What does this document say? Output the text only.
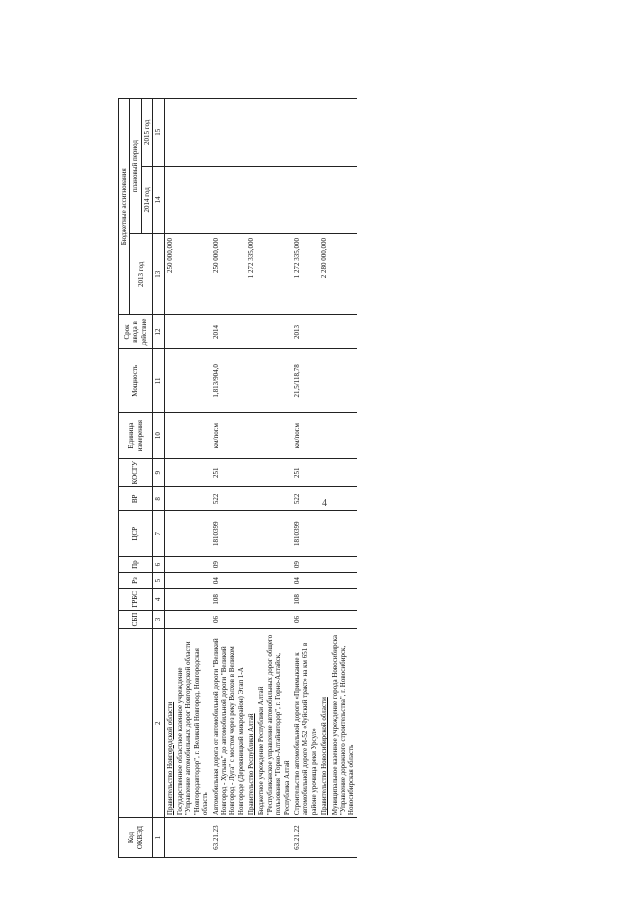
Код ОКВЭД		СБП	ГРБС	Рз	Пр	ЦСР	ВР	КОСГУ	Единица измерения	Мощность	Срок ввода в действие	Бюджетные ассигнования		
												2013 год	плановый период	
													2014 год	2015 год
1	2	3	4	5	6	7	8	9	10	11	12	13	14	15
	Правительство Новгородской области											250 000,000		
	Государственное областное казенное учреждение "Управление автомобильных дорог Новгородской области "Новгородавтодор", г. Великий Новгород, Новгородская область													
63.21.23	Автомобильная дорога от автомобильной дороги "Великий Новгород - Хутынь" до автомобильной дороги "Великий Новгород - Луга" с мостом через реку Волхов в Великом Новгороде (Деревяницкий микрорайон) Этап 1-А	06	108	04	09	1810399	522	251	км/пог.м	1,813/904,0	2014	250 000,000		
	Правительство Республики Алтай											1 272 335,000		
	Бюджетное учреждение Республики Алтай "Республиканское управление автомобильных дорог общего пользования "Горно-Алтайавтодор", г. Горно-Алтайск, Республика Алтай													
63.21.22	Строительство автомобильной дороги «Примыкание к автомобильной дороге М-52 «Чуйский тракт» на км 651 в районе урочища реки Урсул»	06	108	04	09	1810399	522	251	км/пог.м	21,5/118,78	2013	1 272 335,000		
	Правительство Новосибирской области											2 280 000,000		
	Муниципальное казенное учреждение города Новосибирска "Управление дорожного строительства", г. Новосибирск, Новосибирская область													
4
